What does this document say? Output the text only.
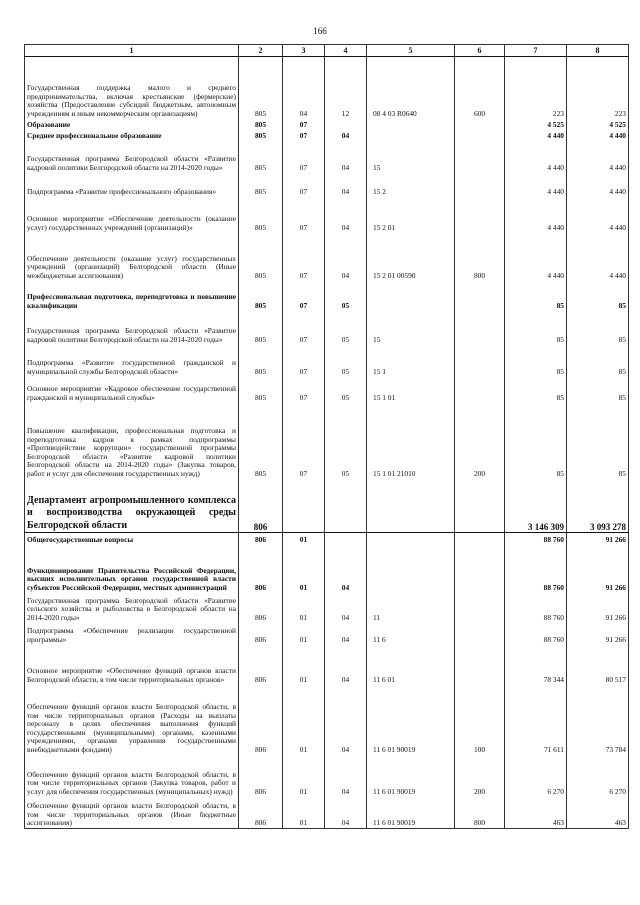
166
1	2	3	4	5	6	7	8
Государственная поддержка малого и среднего предпринимательства, включая крестьянские (фермерские) хозяйства (Предоставление субсидий бюджетным, автономным учреждениям и иным некоммерческим организациям)	805	04	12	08 4 03 R0640	600	223	223
Образование	805	07				4 525	4 525
Среднее профессиональное образование	805	07	04			4 440	4 440
Государственная программа Белгородской области «Развитие кадровой политики Белгородской области на 2014-2020 годы»	805	07	04	15		4 440	4 440
Подпрограмма «Развитие профессионального образования»	805	07	04	15 2		4 440	4 440
Основное мероприятие «Обеспечение деятельности (оказание услуг) государственных учреждений (организаций)»	805	07	04	15 2 01		4 440	4 440
Обеспечение деятельности (оказание услуг) государственных учреждений (организаций) Белгородской области (Иные межбюджетные ассигнования)	805	07	04	15 2 01 00590	800	4 440	4 440
Профессиональная подготовка, переподготовка и повышение квалификации	805	07	05			85	85
Государственная программа Белгородской области «Развитие кадровой политики Белгородской области на 2014-2020 годы»	805	07	05	15		85	85
Подпрограмма «Развитие государственной гражданской и муниципальной службы Белгородской области»	805	07	05	15 1		85	85
Основное мероприятие «Кадровое обеспечение государственной гражданской и муниципальной службы»	805	07	05	15 1 01		85	85
Повышение квалификации, профессиональная подготовка и переподготовка кадров в рамках подпрограммы «Противодействие коррупции» государственной программы Белгородской области «Развитие кадровой политики Белгородской области на 2014-2020 годы» (Закупка товаров, работ и услуг для обеспечения государственных нужд)	805	07	05	15 1 01 21010	200	85	85
Департамент агропромышленного комплекса и воспроизводства окружающей среды Белгородской области	806					3 146 309	3 093 278
Общегосударственные вопросы	806	01				88 760	91 266
Функционирование Правительства Российской Федерации, высших исполнительных органов государственной власти субъектов Российской Федерации, местных администраций	806	01	04			88 760	91 266
Государственная программа Белгородской области «Развитие сельского хозяйства и рыболовства в Белгородской области на 2014-2020 годы»	806	01	04	11		88 760	91 266
Подпрограмма «Обеспечение реализации государственной программы»	806	01	04	11 6		88 760	91 266
Основное мероприятие «Обеспечение функций органов власти Белгородской области, в том числе территориальных органов»	806	01	04	11 6 01		78 344	80 517
Обеспечение функций органов власти Белгородской области, в том числе территориальных органов (Расходы на выплаты персоналу в целях обеспечения выполнения функций государственными (муниципальными) органами, казенными учреждениями, органами управления государственными внебюджетными фондами)	806	01	04	11 6 01 90019	100	71 611	73 784
Обеспечение функций органов власти Белгородской области, в том числе территориальных органов (Закупка товаров, работ и услуг для обеспечения государственных (муниципальных) нужд)	806	01	04	11 6 01 90019	200	6 270	6 270
Обеспечение функций органов власти Белгородской области, в том числе территориальных органов (Иные бюджетные ассигнования)	806	01	04	11 6 01 90019	800	463	463
